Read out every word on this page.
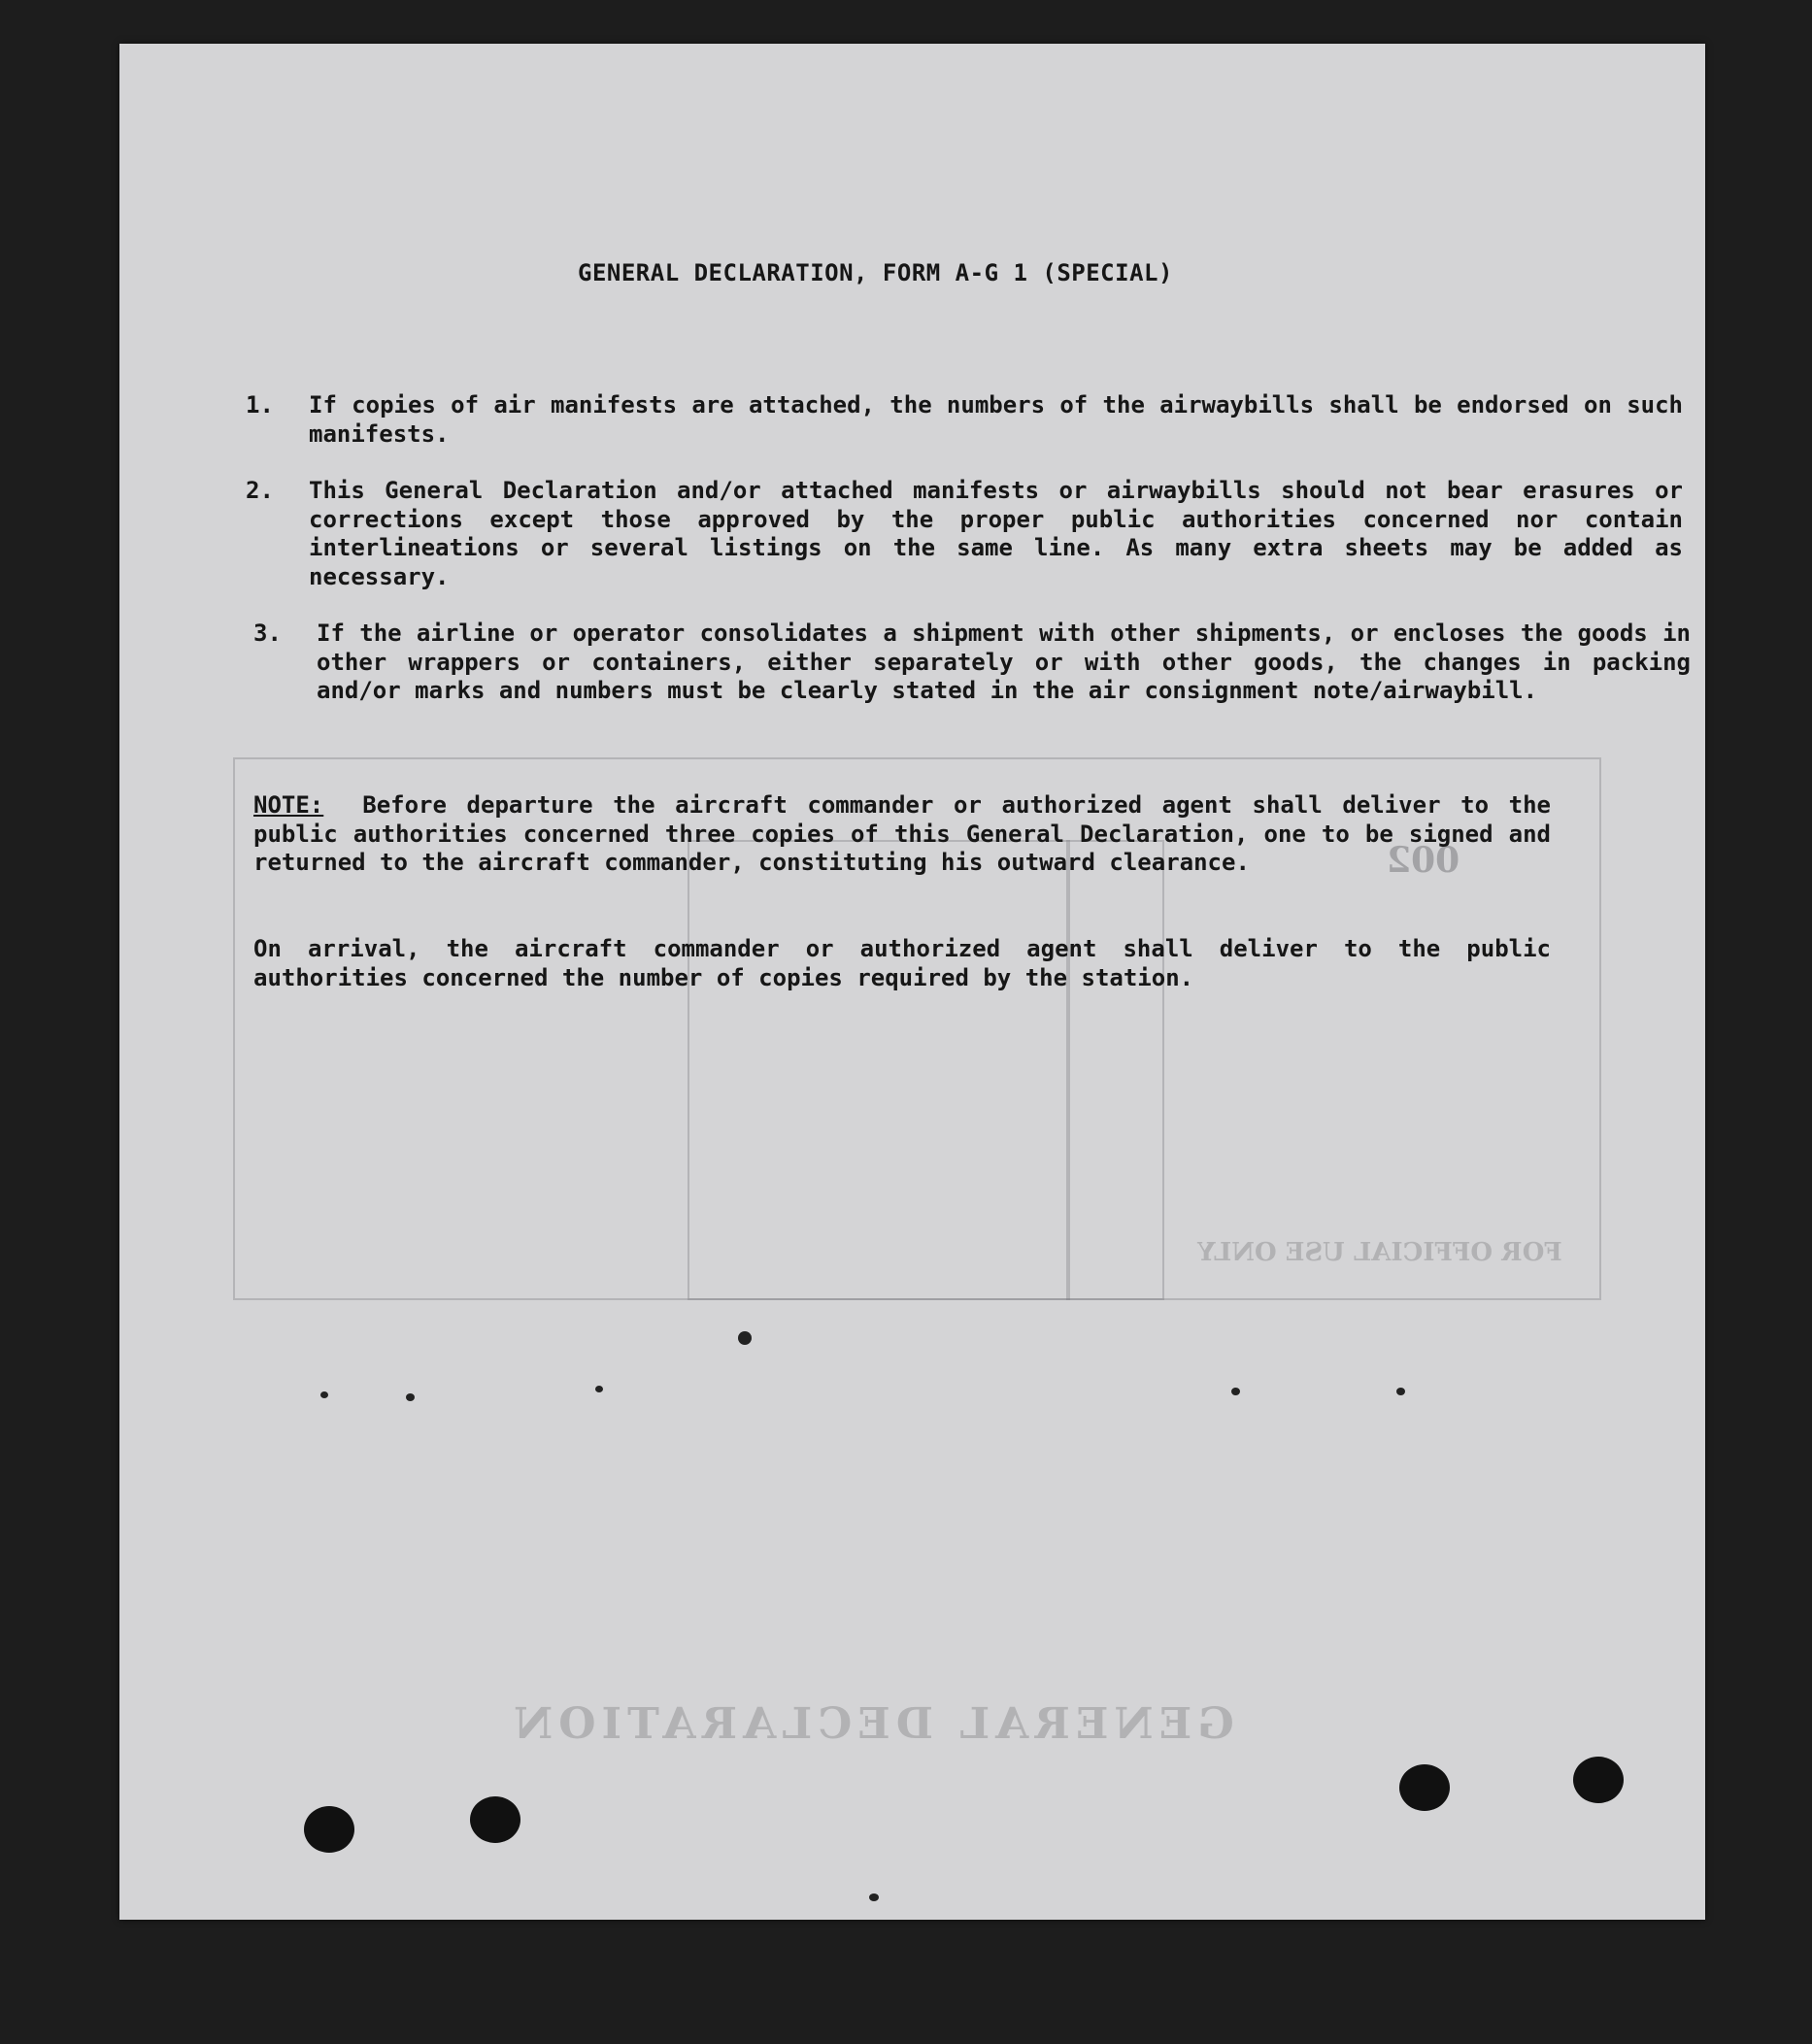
GENERAL DECLARATION
FOR OFFICIAL USE ONLY
002
GENERAL DECLARATION, FORM A-G 1 (SPECIAL)
1.	If copies of air manifests are attached, the numbers of the airwaybills shall be endorsed on such manifests.
2.	This General Declaration and/or attached manifests or airwaybills should not bear erasures or corrections except those approved by the proper public authorities concerned nor contain interlineations or several listings on the same line. As many extra sheets may be added as necessary.
3.	If the airline or operator consolidates a shipment with other shipments, or encloses the goods in other wrappers or containers, either separately or with other goods, the changes in packing and/or marks and numbers must be clearly stated in the air consignment note/airwaybill.
NOTE: Before departure the aircraft commander or authorized agent shall deliver to the public authorities concerned three copies of this General Declaration, one to be signed and returned to the aircraft commander, constituting his outward clearance.
On arrival, the aircraft commander or authorized agent shall deliver to the public authorities concerned the number of copies required by the station.
